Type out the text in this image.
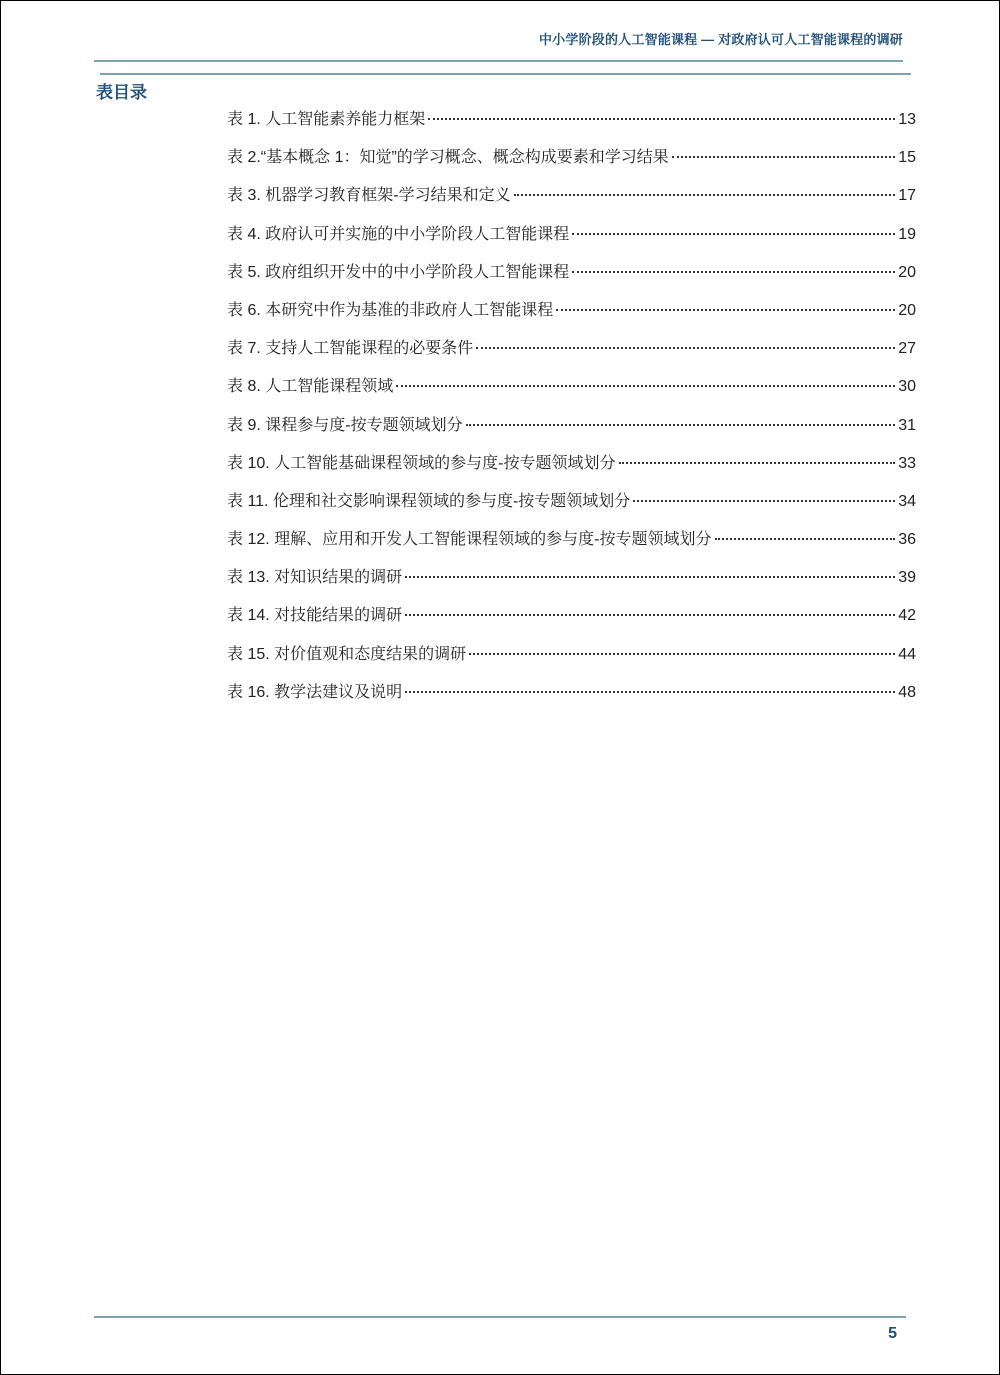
中小学阶段的人工智能课程 — 对政府认可人工智能课程的调研
表目录
表 1. 人工智能素养能力框架	13
表 2.“基本概念 1：知觉”的学习概念、概念构成要素和学习结果	15
表 3. 机器学习教育框架-学习结果和定义	17
表 4. 政府认可并实施的中小学阶段人工智能课程	19
表 5. 政府组织开发中的中小学阶段人工智能课程	20
表 6. 本研究中作为基准的非政府人工智能课程	20
表 7. 支持人工智能课程的必要条件	27
表 8. 人工智能课程领域	30
表 9. 课程参与度-按专题领域划分	31
表 10. 人工智能基础课程领域的参与度-按专题领域划分	33
表 11. 伦理和社交影响课程领域的参与度-按专题领域划分	34
表 12. 理解、应用和开发人工智能课程领域的参与度-按专题领域划分	36
表 13. 对知识结果的调研	39
表 14. 对技能结果的调研	42
表 15. 对价值观和态度结果的调研	44
表 16. 教学法建议及说明	48
5
